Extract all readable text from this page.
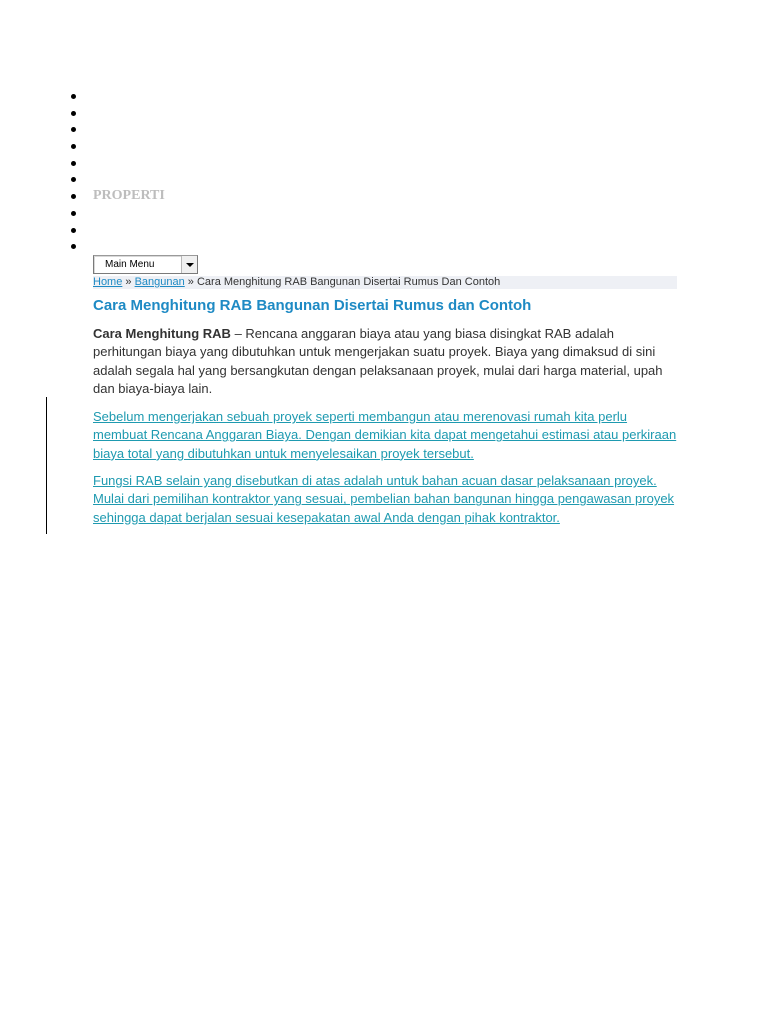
PROPERTI
Main Menu
Home » Bangunan » Cara Menghitung RAB Bangunan Disertai Rumus Dan Contoh
Cara Menghitung RAB Bangunan Disertai Rumus dan Contoh

Cara Menghitung RAB – Rencana anggaran biaya atau yang biasa disingkat RAB adalah perhitungan biaya yang dibutuhkan untuk mengerjakan suatu proyek. Biaya yang dimaksud di sini adalah segala hal yang bersangkutan dengan pelaksanaan proyek, mulai dari harga material, upah dan biaya-biaya lain.

Sebelum mengerjakan sebuah proyek seperti membangun atau merenovasi rumah kita perlu membuat Rencana Anggaran Biaya. Dengan demikian kita dapat mengetahui estimasi atau perkiraan biaya total yang dibutuhkan untuk menyelesaikan proyek tersebut.

Fungsi RAB selain yang disebutkan di atas adalah untuk bahan acuan dasar pelaksanaan proyek. Mulai dari pemilihan kontraktor yang sesuai, pembelian bahan bangunan hingga pengawasan proyek sehingga dapat berjalan sesuai kesepakatan awal Anda dengan pihak kontraktor.
